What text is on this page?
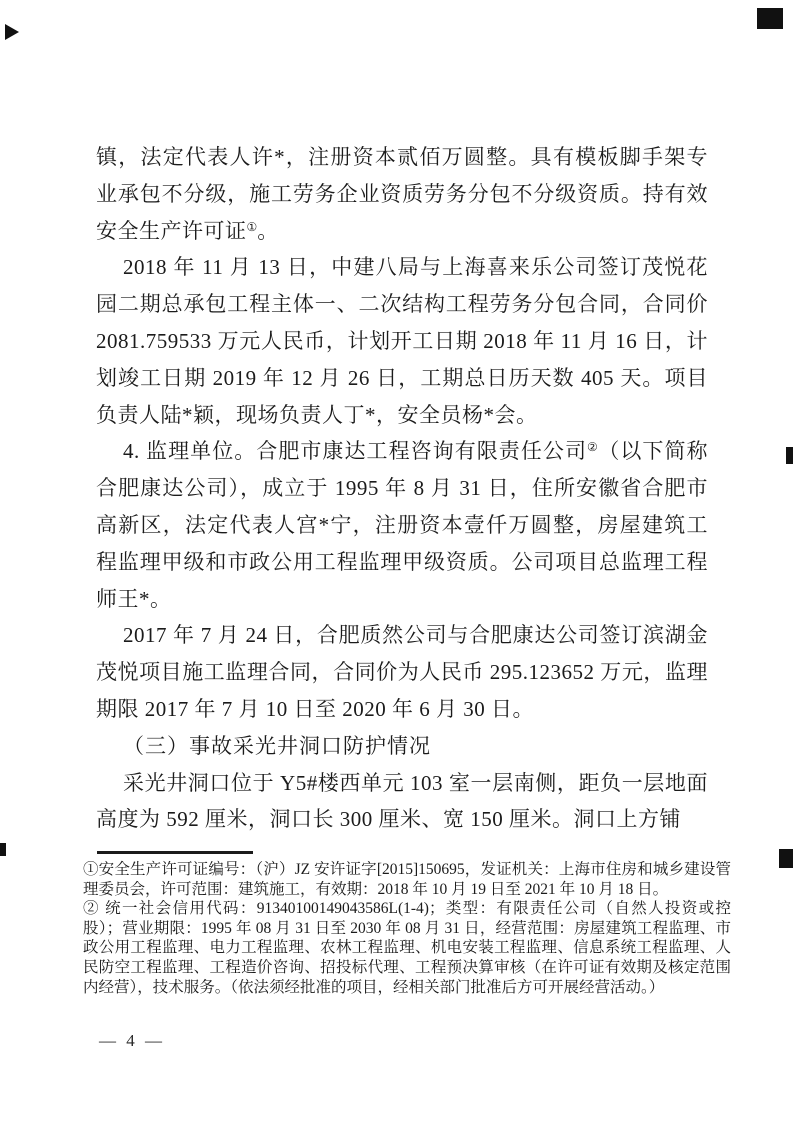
镇，法定代表人许*，注册资本贰佰万圆整。具有模板脚手架专业承包不分级，施工劳务企业资质劳务分包不分级资质。持有效安全生产许可证①。

2018 年 11 月 13 日，中建八局与上海喜来乐公司签订茂悦花园二期总承包工程主体一、二次结构工程劳务分包合同，合同价 2081.759533 万元人民币，计划开工日期 2018 年 11 月 16 日，计划竣工日期 2019 年 12 月 26 日，工期总日历天数 405 天。项目负责人陆*颖，现场负责人丁*，安全员杨*会。

4. 监理单位。合肥市康达工程咨询有限责任公司②（以下简称合肥康达公司），成立于 1995 年 8 月 31 日，住所安徽省合肥市高新区，法定代表人宫*宁，注册资本壹仟万圆整，房屋建筑工程监理甲级和市政公用工程监理甲级资质。公司项目总监理工程师王*。

2017 年 7 月 24 日，合肥质然公司与合肥康达公司签订滨湖金茂悦项目施工监理合同，合同价为人民币 295.123652 万元，监理期限 2017 年 7 月 10 日至 2020 年 6 月 30 日。

（三）事故采光井洞口防护情况

采光井洞口位于 Y5#楼西单元 103 室一层南侧，距负一层地面高度为 592 厘米，洞口长 300 厘米、宽 150 厘米。洞口上方铺

①安全生产许可证编号：（沪）JZ 安许证字[2015]150695，发证机关：上海市住房和城乡建设管理委员会，许可范围：建筑施工，有效期：2018 年 10 月 19 日至 2021 年 10 月 18 日。

② 统一社会信用代码：91340100149043586L(1-4)；类型：有限责任公司（自然人投资或控股）；营业期限：1995 年 08 月 31 日至 2030 年 08 月 31 日，经营范围：房屋建筑工程监理、市政公用工程监理、电力工程监理、农林工程监理、机电安装工程监理、信息系统工程监理、人民防空工程监理、工程造价咨询、招投标代理、工程预决算审核（在许可证有效期及核定范围内经营），技术服务。（依法须经批准的项目，经相关部门批准后方可开展经营活动。）

— 4 —
